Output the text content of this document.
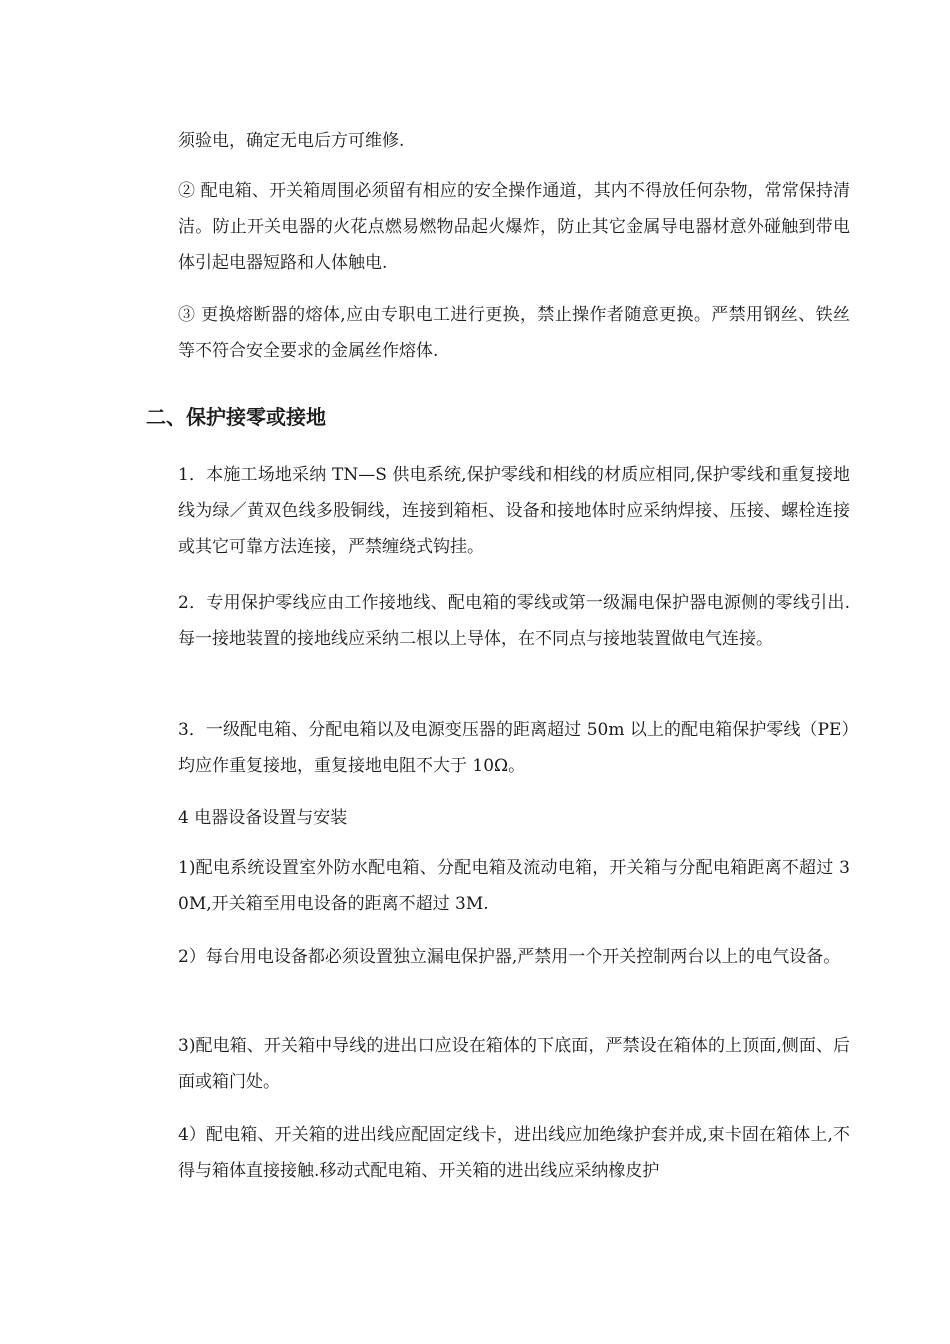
须验电，确定无电后方可维修.

② 配电箱、开关箱周围必须留有相应的安全操作通道，其内不得放任何杂物，常常保持清洁。防止开关电器的火花点燃易燃物品起火爆炸，防止其它金属导电器材意外碰触到带电体引起电器短路和人体触电.

③ 更换熔断器的熔体,应由专职电工进行更换，禁止操作者随意更换。严禁用钢丝、铁丝等不符合安全要求的金属丝作熔体.

二、保护接零或接地

1．本施工场地采纳 TN—S 供电系统,保护零线和相线的材质应相同,保护零线和重复接地线为绿／黄双色线多股铜线，连接到箱柜、设备和接地体时应采纳焊接、压接、螺栓连接或其它可靠方法连接，严禁缠绕式钩挂。

2．专用保护零线应由工作接地线、配电箱的零线或第一级漏电保护器电源侧的零线引出.每一接地装置的接地线应采纳二根以上导体，在不同点与接地装置做电气连接。

3．一级配电箱、分配电箱以及电源变压器的距离超过 50m 以上的配电箱保护零线（PE）均应作重复接地，重复接地电阻不大于 10Ω。

4 电器设备设置与安装

1)配电系统设置室外防水配电箱、分配电箱及流动电箱，开关箱与分配电箱距离不超过 30M,开关箱至用电设备的距离不超过 3M.

2）每台用电设备都必须设置独立漏电保护器,严禁用一个开关控制两台以上的电气设备。

3)配电箱、开关箱中导线的进出口应设在箱体的下底面，严禁设在箱体的上顶面,侧面、后面或箱门处。

4）配电箱、开关箱的进出线应配固定线卡，进出线应加绝缘护套并成,束卡固在箱体上,不得与箱体直接接触.移动式配电箱、开关箱的进出线应采纳橡皮护
